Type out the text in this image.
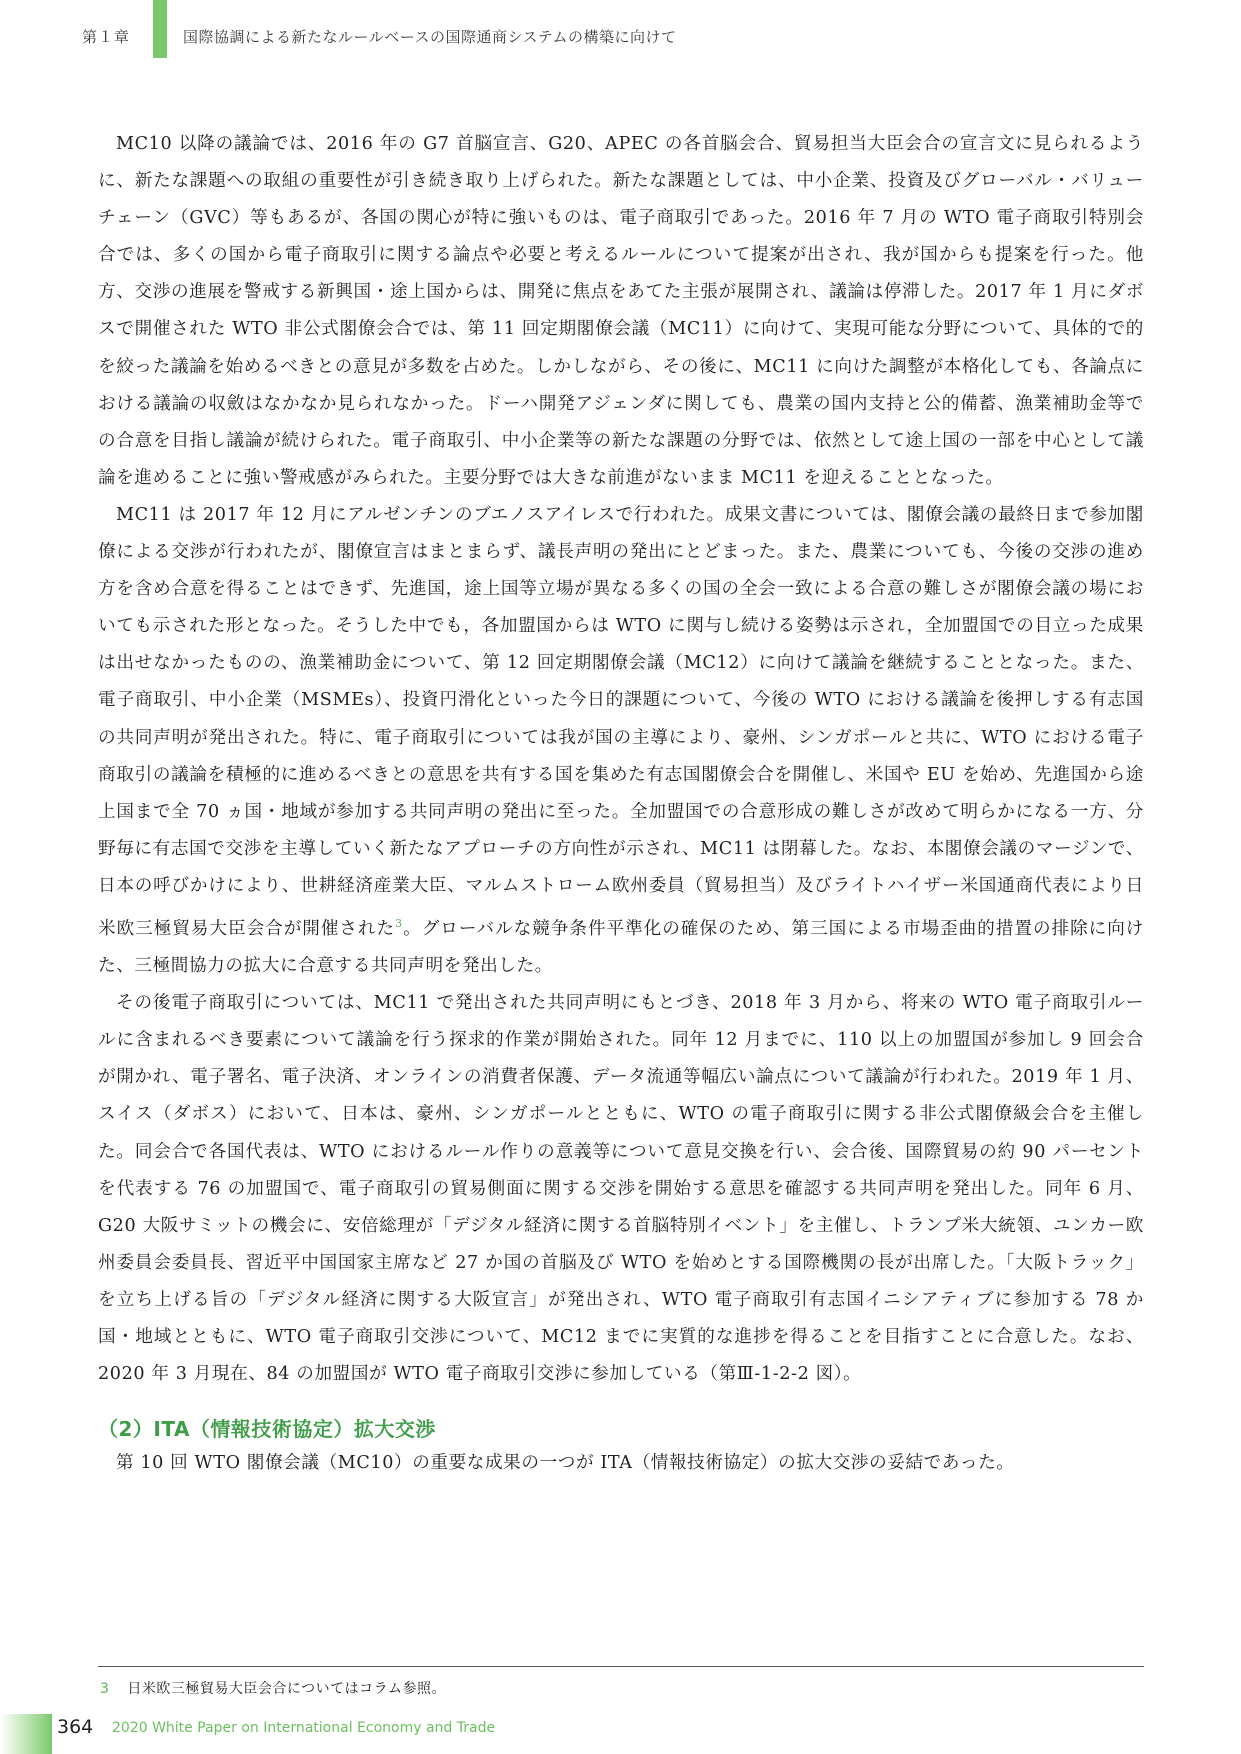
第１章	国際協調による新たなルールベースの国際通商システムの構築に向けて

MC10 以降の議論では、2016 年の G7 首脳宣言、G20、APEC の各首脳会合、貿易担当大臣会合の宣言文に見られるように、新たな課題への取組の重要性が引き続き取り上げられた。新たな課題としては、中小企業、投資及びグローバル・バリューチェーン（GVC）等もあるが、各国の関心が特に強いものは、電子商取引であった。2016 年 7 月の WTO 電子商取引特別会合では、多くの国から電子商取引に関する論点や必要と考えるルールについて提案が出され、我が国からも提案を行った。他方、交渉の進展を警戒する新興国・途上国からは、開発に焦点をあてた主張が展開され、議論は停滞した。2017 年 1 月にダボスで開催された WTO 非公式閣僚会合では、第 11 回定期閣僚会議（MC11）に向けて、実現可能な分野について、具体的で的を絞った議論を始めるべきとの意見が多数を占めた。しかしながら、その後に、MC11 に向けた調整が本格化しても、各論点における議論の収斂はなかなか見られなかった。ドーハ開発アジェンダに関しても、農業の国内支持と公的備蓄、漁業補助金等での合意を目指し議論が続けられた。電子商取引、中小企業等の新たな課題の分野では、依然として途上国の一部を中心として議論を進めることに強い警戒感がみられた。主要分野では大きな前進がないまま MC11 を迎えることとなった。

MC11 は 2017 年 12 月にアルゼンチンのブエノスアイレスで行われた。成果文書については、閣僚会議の最終日まで参加閣僚による交渉が行われたが、閣僚宣言はまとまらず、議長声明の発出にとどまった。また、農業についても、今後の交渉の進め方を含め合意を得ることはできず、先進国，途上国等立場が異なる多くの国の全会一致による合意の難しさが閣僚会議の場においても示された形となった。そうした中でも，各加盟国からは WTO に関与し続ける姿勢は示され，全加盟国での目立った成果は出せなかったものの、漁業補助金について、第 12 回定期閣僚会議（MC12）に向けて議論を継続することとなった。また、電子商取引、中小企業（MSMEs）、投資円滑化といった今日的課題について、今後の WTO における議論を後押しする有志国の共同声明が発出された。特に、電子商取引については我が国の主導により、豪州、シンガポールと共に、WTO における電子商取引の議論を積極的に進めるべきとの意思を共有する国を集めた有志国閣僚会合を開催し、米国や EU を始め、先進国から途上国まで全 70 ヵ国・地域が参加する共同声明の発出に至った。全加盟国での合意形成の難しさが改めて明らかになる一方、分野毎に有志国で交渉を主導していく新たなアプローチの方向性が示され、MC11 は閉幕した。なお、本閣僚会議のマージンで、日本の呼びかけにより、世耕経済産業大臣、マルムストローム欧州委員（貿易担当）及びライトハイザー米国通商代表により日米欧三極貿易大臣会合が開催された$^3$。グローバルな競争条件平準化の確保のため、第三国による市場歪曲的措置の排除に向けた、三極間協力の拡大に合意する共同声明を発出した。

その後電子商取引については、MC11 で発出された共同声明にもとづき、2018 年 3 月から、将来の WTO 電子商取引ルールに含まれるべき要素について議論を行う探求的作業が開始された。同年 12 月までに、110 以上の加盟国が参加し 9 回会合が開かれ、電子署名、電子決済、オンラインの消費者保護、データ流通等幅広い論点について議論が行われた。2019 年 1 月、スイス（ダボス）において、日本は、豪州、シンガポールとともに、WTO の電子商取引に関する非公式閣僚級会合を主催した。同会合で各国代表は、WTO におけるルール作りの意義等について意見交換を行い、会合後、国際貿易の約 90 パーセントを代表する 76 の加盟国で、電子商取引の貿易側面に関する交渉を開始する意思を確認する共同声明を発出した。同年 6 月、G20 大阪サミットの機会に、安倍総理が「デジタル経済に関する首脳特別イベント」を主催し、トランプ米大統領、ユンカー欧州委員会委員長、習近平中国国家主席など 27 か国の首脳及び WTO を始めとする国際機関の長が出席した。「大阪トラック」を立ち上げる旨の「デジタル経済に関する大阪宣言」が発出され、WTO 電子商取引有志国イニシアティブに参加する 78 か国・地域とともに、WTO 電子商取引交渉について、MC12 までに実質的な進捗を得ることを目指すことに合意した。なお、2020 年 3 月現在、84 の加盟国が WTO 電子商取引交渉に参加している（第Ⅲ-1-2-2 図）。

（2）ITA（情報技術協定）拡大交渉

第 10 回 WTO 閣僚会議（MC10）の重要な成果の一つが ITA（情報技術協定）の拡大交渉の妥結であった。

3 日米欧三極貿易大臣会合についてはコラム参照。
364 2020 White Paper on International Economy and Trade
